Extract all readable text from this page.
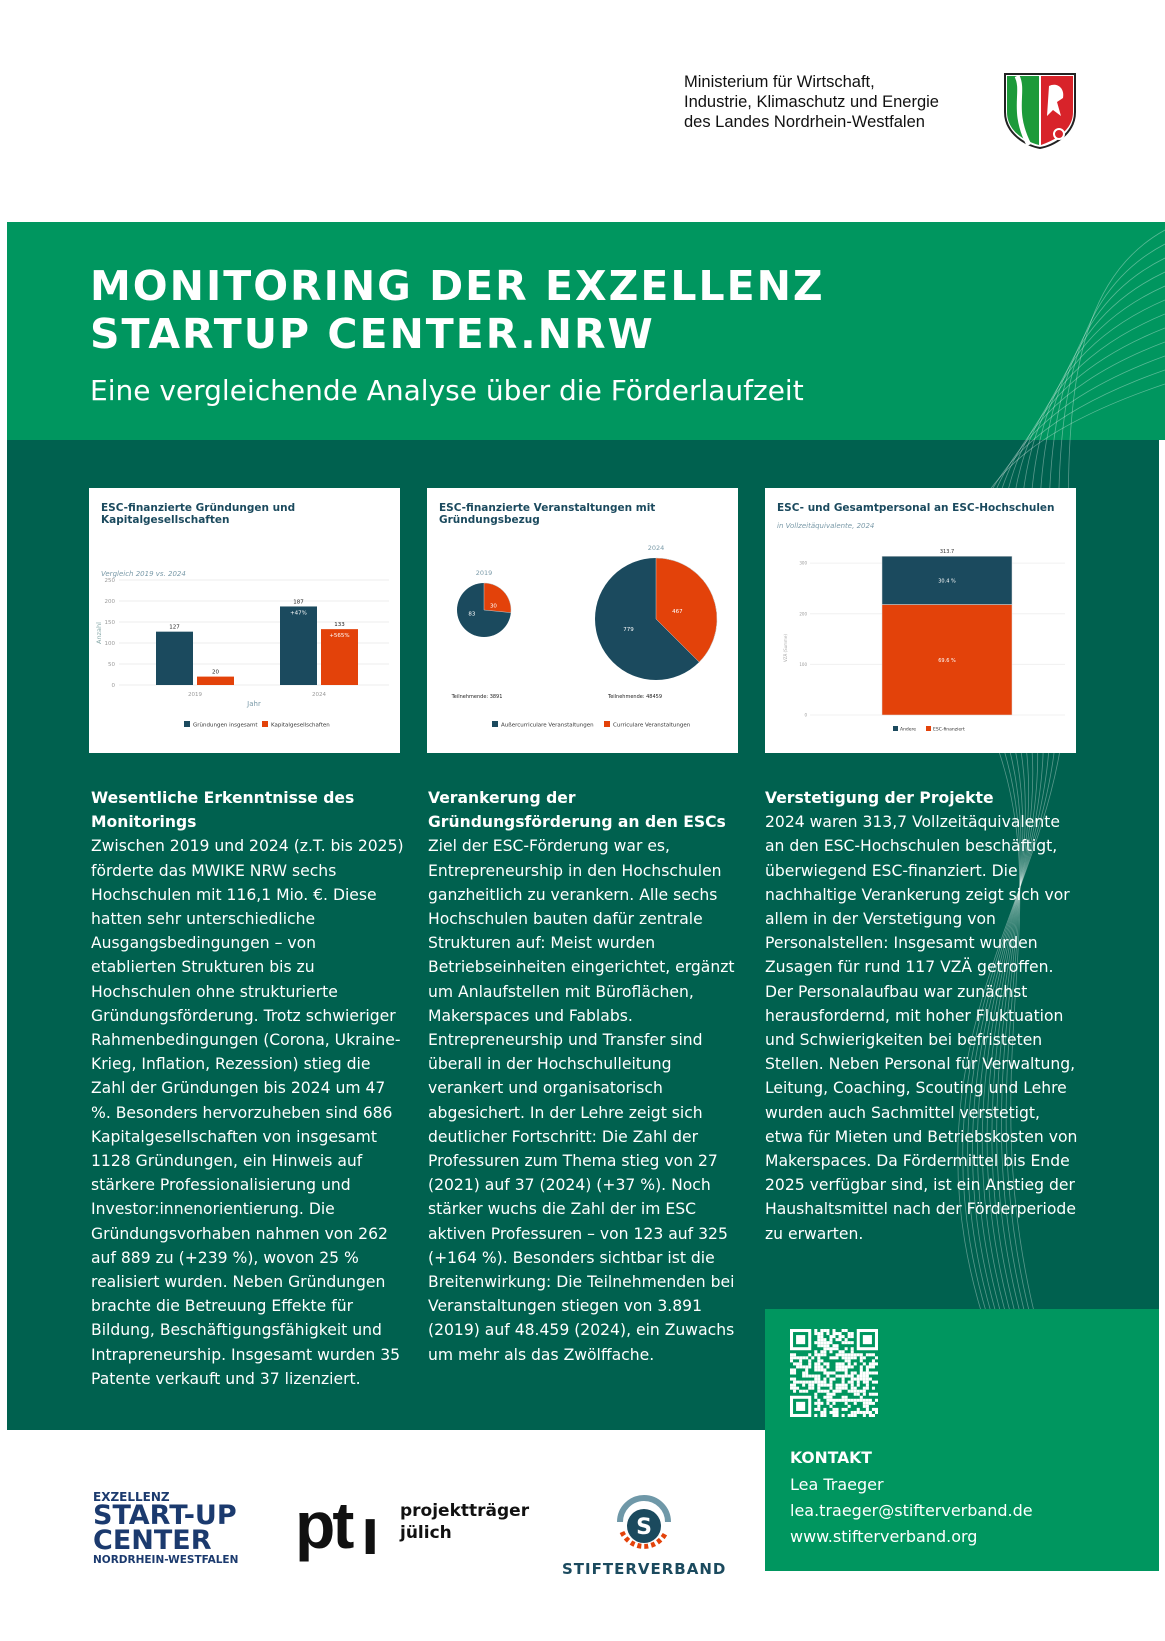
Ministerium für Wirtschaft,
Industrie, Klimaschutz und Energie
des Landes Nordrhein-Westfalen
MONITORING DER EXZELLENZ
STARTUP CENTER.NRW
Eine vergleichende Analyse über die Förderlaufzeit
0
50
100
150
200
250
Anzahl
2019
127
20
2024
187
+47%
133
+565%
Jahr
Gründungen insgesamt Kapitalgesellschaften
ESC-finanzierte Gründungen und Kapitalgesellschaften
Vergleich 2019 vs. 2024
30
83
2019
Teilnehmende: 3891
467
779
2024
Teilnehmende: 48459
Außercurriculare Veranstaltungen	Curriculare Veranstaltungen
ESC-finanzierte Veranstaltungen mit Gründungsbezug
0
100
200
300
VZÄ (Summe)	69.6 %
30.4 %
313.7
Andere	ESC-finanziert
ESC- und Gesamtpersonal an ESC-Hochschulen
in Vollzeitäquivalente, 2024
Wesentliche Erkenntnisse des Monitorings

Zwischen 2019 und 2024 (z.T. bis 2025) förderte das MWIKE NRW sechs Hochschulen mit 116,1 Mio. €. Diese hatten sehr unterschiedliche Ausgangsbedingungen – von etablierten Strukturen bis zu Hochschulen ohne strukturierte Gründungsförderung. Trotz schwieriger Rahmenbedingungen (Corona, Ukraine-Krieg, Inflation, Rezession) stieg die Zahl der Gründungen bis 2024 um 47 %. Besonders hervorzuheben sind 686 Kapitalgesellschaften von insgesamt 1128 Gründungen, ein Hinweis auf stärkere Professionalisierung und Investor:innenorientierung. Die Gründungsvorhaben nahmen von 262 auf 889 zu (+239 %), wovon 25 % realisiert wurden. Neben Gründungen brachte die Betreuung Effekte für Bildung, Beschäftigungsfähigkeit und Intrapreneurship. Insgesamt wurden 35 Patente verkauft und 37 lizenziert.

Verankerung der Gründungsförderung an den ESCs

Ziel der ESC-Förderung war es, Entrepreneurship in den Hochschulen ganzheitlich zu verankern. Alle sechs Hochschulen bauten dafür zentrale Strukturen auf: Meist wurden Betriebseinheiten eingerichtet, ergänzt um Anlaufstellen mit Büroflächen, Makerspaces und Fablabs. Entrepreneurship und Transfer sind überall in der Hochschulleitung verankert und organisatorisch abgesichert. In der Lehre zeigt sich deutlicher Fortschritt: Die Zahl der Professuren zum Thema stieg von 27 (2021) auf 37 (2024) (+37 %). Noch stärker wuchs die Zahl der im ESC aktiven Professuren – von 123 auf 325 (+164 %). Besonders sichtbar ist die Breitenwirkung: Die Teilnehmenden bei Veranstaltungen stiegen von 3.891 (2019) auf 48.459 (2024), ein Zuwachs um mehr als das Zwölffache.

Verstetigung der Projekte

2024 waren 313,7 Vollzeitäquivalente an den ESC-Hochschulen beschäftigt, überwiegend ESC-finanziert. Die nachhaltige Verankerung zeigt sich vor allem in der Verstetigung von Personalstellen: Insgesamt wurden Zusagen für rund 117 VZÄ getroffen. Der Personalaufbau war zunächst herausfordernd, mit hoher Fluktuation und Schwierigkeiten bei befristeten Stellen. Neben Personal für Verwaltung, Leitung, Coaching, Scouting und Lehre wurden auch Sachmittel verstetigt, etwa für Mieten und Betriebskosten von Makerspaces. Da Fördermittel bis Ende 2025 verfügbar sind, ist ein Anstieg der Haushaltsmittel nach der Förderperiode zu erwarten.

KONTAKT
Lea Traeger
lea.traeger@stifterverband.de
www.stifterverband.org
EXZELLENZ
START-UP
CENTER
NORDRHEIN-WESTFALEN pt ı projektträger
jülich	S
STIFTERVERBAND
